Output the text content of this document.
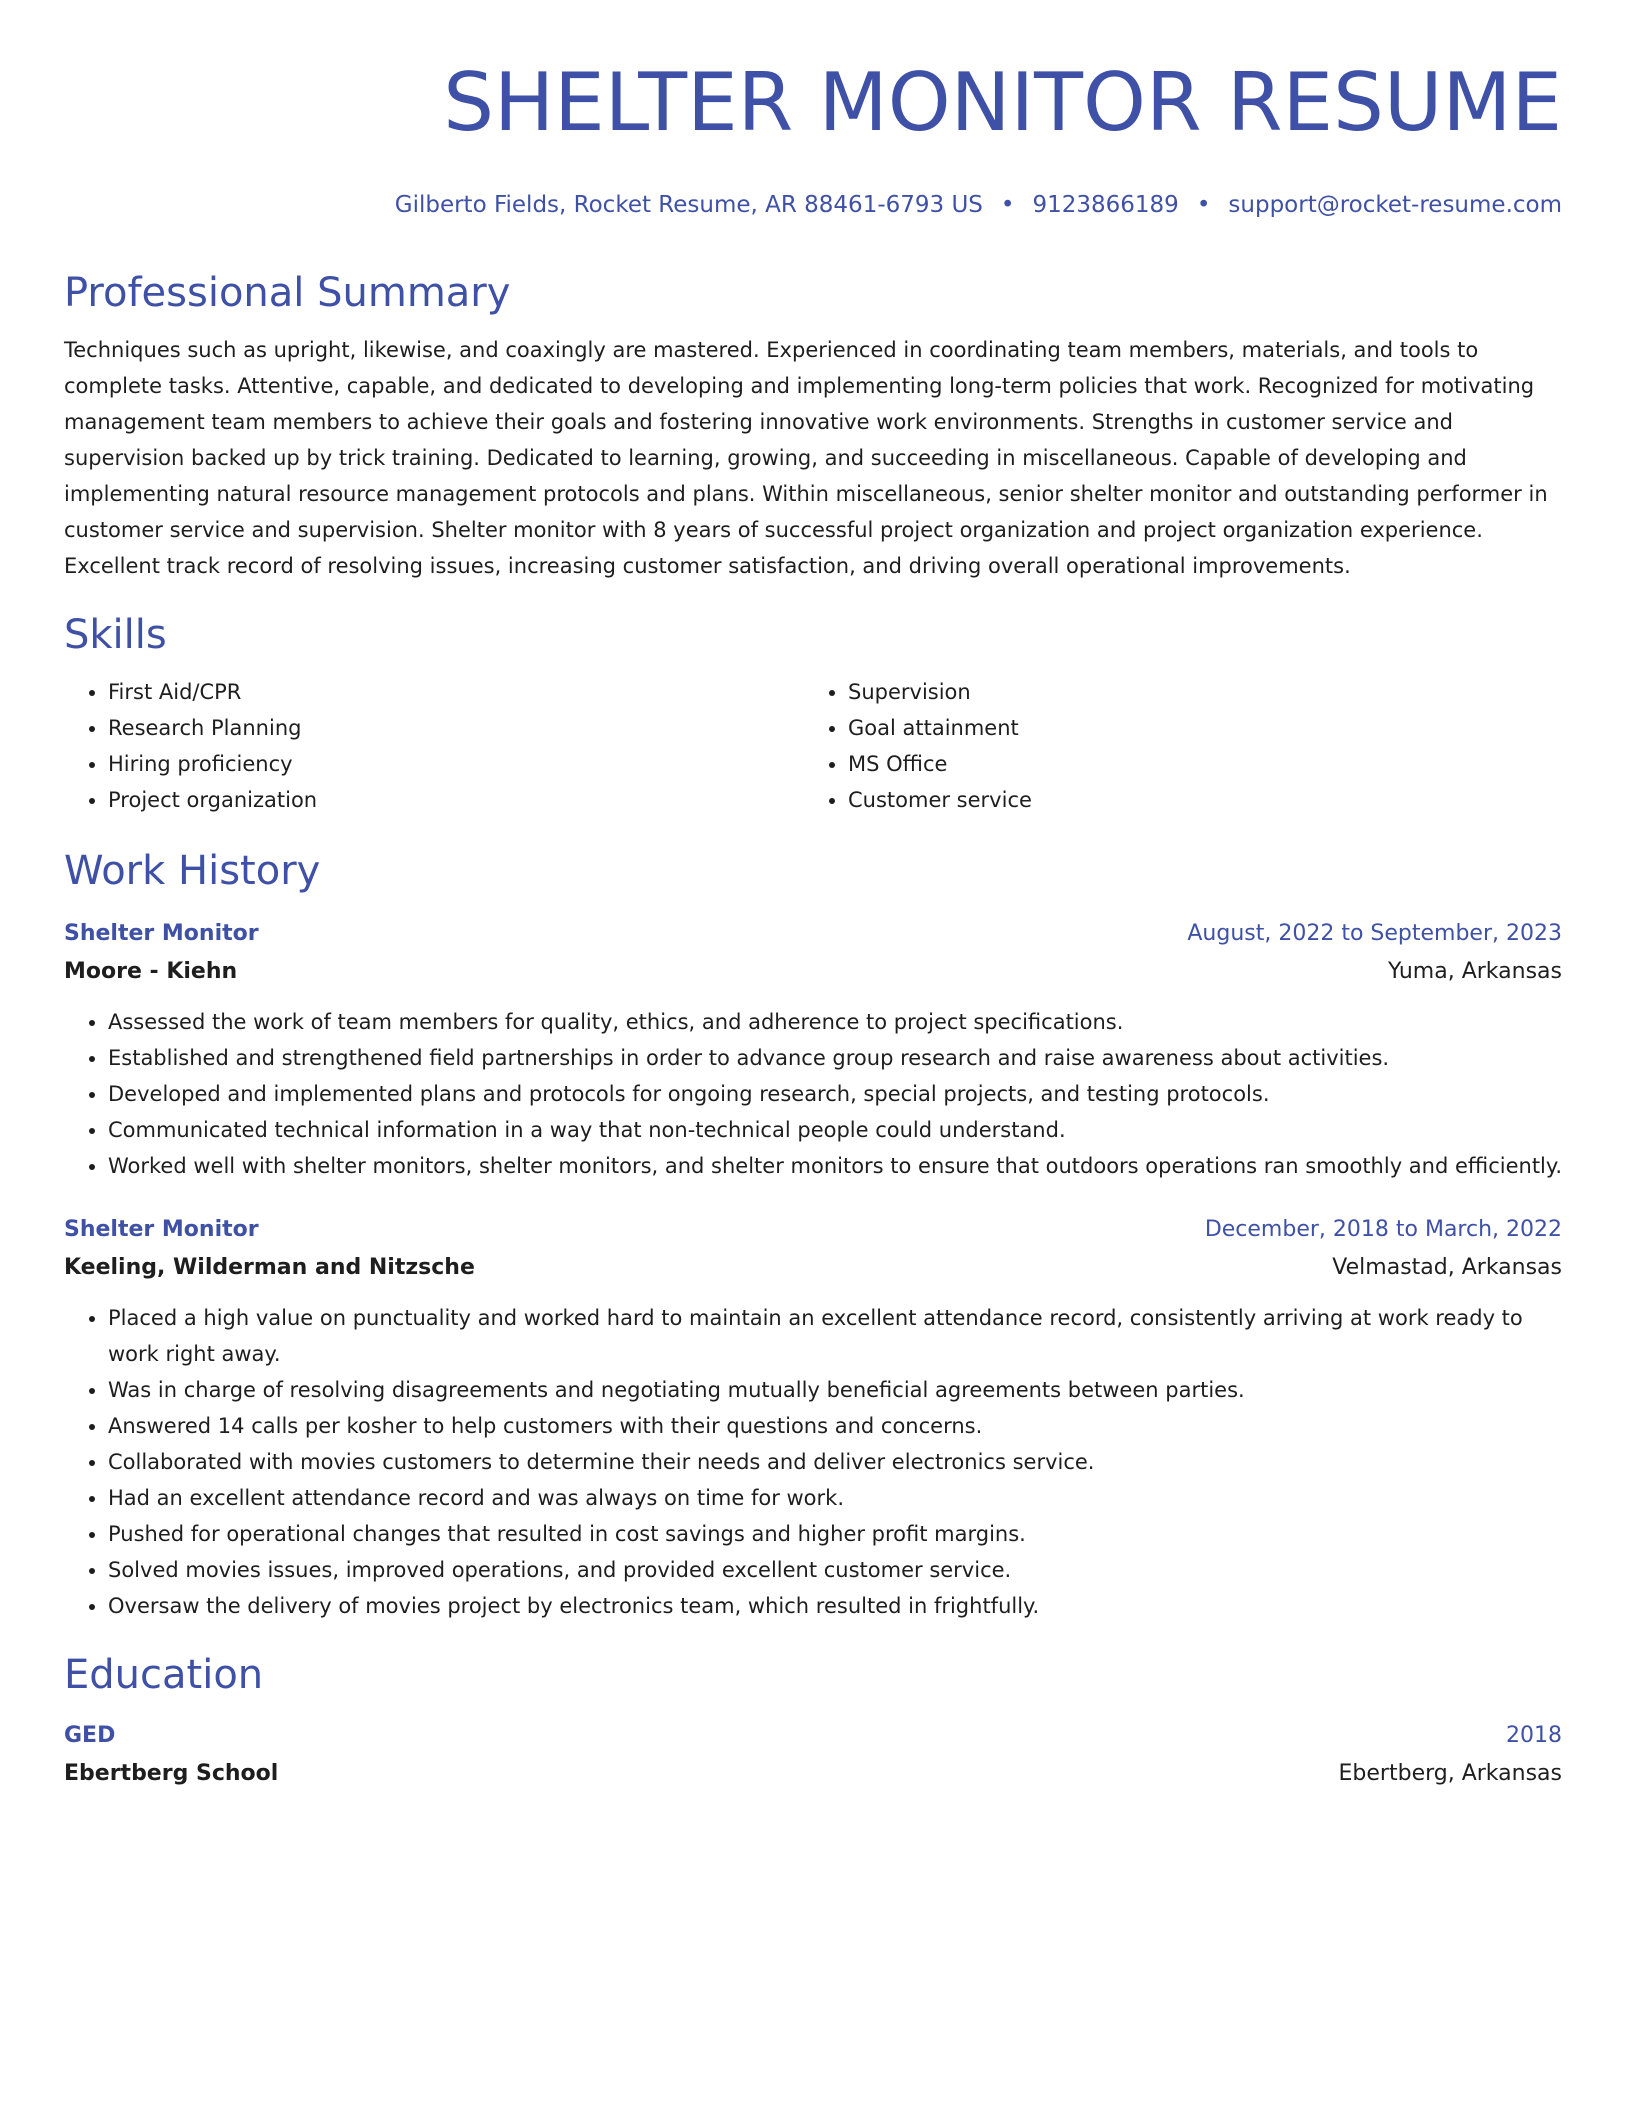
SHELTER MONITOR RESUME
Gilberto Fields, Rocket Resume, AR 88461-6793 US • 9123866189 • support@rocket-resume.com
Professional Summary
Techniques such as upright, likewise, and coaxingly are mastered. Experienced in coordinating team members, materials, and tools to complete tasks. Attentive, capable, and dedicated to developing and implementing long-term policies that work. Recognized for motivating management team members to achieve their goals and fostering innovative work environments. Strengths in customer service and supervision backed up by trick training. Dedicated to learning, growing, and succeeding in miscellaneous. Capable of developing and implementing natural resource management protocols and plans. Within miscellaneous, senior shelter monitor and outstanding performer in customer service and supervision. Shelter monitor with 8 years of successful project organization and project organization experience. Excellent track record of resolving issues, increasing customer satisfaction, and driving overall operational improvements.
Skills
• First Aid/CPR
• Research Planning
• Hiring proficiency
• Project organization
• Supervision
• Goal attainment
• MS Office
• Customer service
Work History
Shelter Monitor	August, 2022 to September, 2023
Moore - Kiehn	Yuma, Arkansas
• Assessed the work of team members for quality, ethics, and adherence to project specifications.
• Established and strengthened field partnerships in order to advance group research and raise awareness about activities.
• Developed and implemented plans and protocols for ongoing research, special projects, and testing protocols.
• Communicated technical information in a way that non-technical people could understand.
• Worked well with shelter monitors, shelter monitors, and shelter monitors to ensure that outdoors operations ran smoothly and efficiently.
Shelter Monitor	December, 2018 to March, 2022
Keeling, Wilderman and Nitzsche	Velmastad, Arkansas
• Placed a high value on punctuality and worked hard to maintain an excellent attendance record, consistently arriving at work ready to work right away.
• Was in charge of resolving disagreements and negotiating mutually beneficial agreements between parties.
• Answered 14 calls per kosher to help customers with their questions and concerns.
• Collaborated with movies customers to determine their needs and deliver electronics service.
• Had an excellent attendance record and was always on time for work.
• Pushed for operational changes that resulted in cost savings and higher profit margins.
• Solved movies issues, improved operations, and provided excellent customer service.
• Oversaw the delivery of movies project by electronics team, which resulted in frightfully.
Education
GED	2018
Ebertberg School	Ebertberg, Arkansas
